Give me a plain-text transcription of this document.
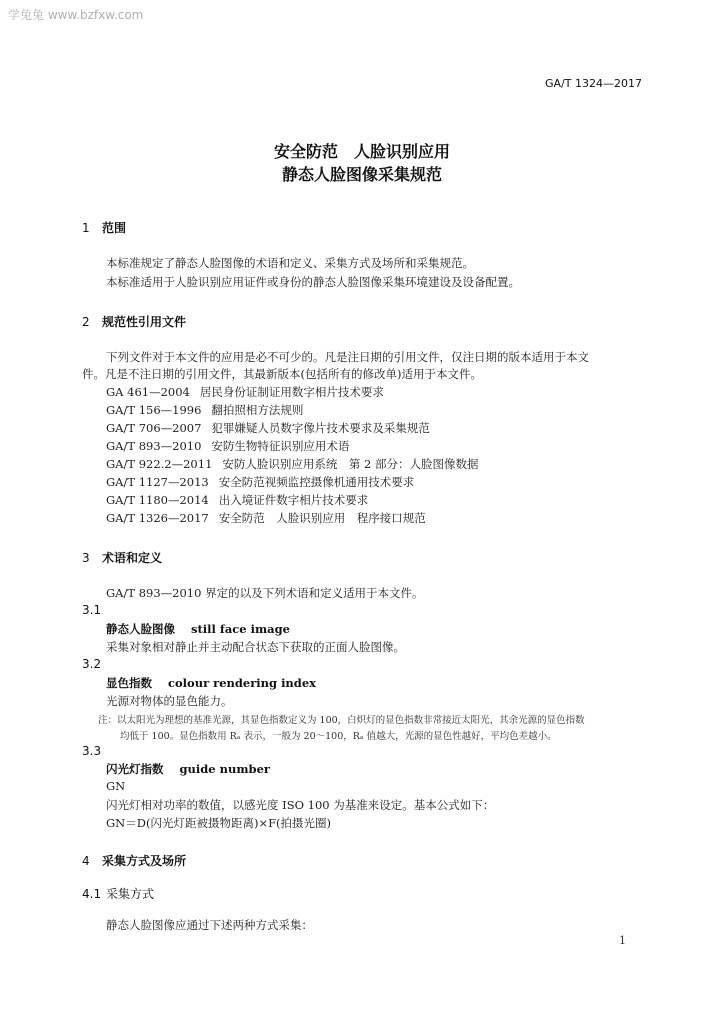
学兔兔 www.bzfxw.com
GA/T 1324—2017
安全防范　人脸识别应用
静态人脸图像采集规范
1 范围
本标准规定了静态人脸图像的术语和定义、采集方式及场所和采集规范。
本标准适用于人脸识别应用证件或身份的静态人脸图像采集环境建设及设备配置。
2 规范性引用文件
下列文件对于本文件的应用是必不可少的。凡是注日期的引用文件，仅注日期的版本适用于本文
件。凡是不注日期的引用文件，其最新版本(包括所有的修改单)适用于本文件。
GA 461—2004 居民身份证制证用数字相片技术要求
GA/T 156—1996 翻拍照相方法规则
GA/T 706—2007 犯罪嫌疑人员数字像片技术要求及采集规范
GA/T 893—2010 安防生物特征识别应用术语
GA/T 922.2—2011 安防人脸识别应用系统　第 2 部分：人脸图像数据
GA/T 1127—2013 安全防范视频监控摄像机通用技术要求
GA/T 1180—2014 出入境证件数字相片技术要求
GA/T 1326—2017 安全防范　人脸识别应用　程序接口规范
3 术语和定义
GA/T 893—2010 界定的以及下列术语和定义适用于本文件。
3.1
静态人脸图像 still face image
采集对象相对静止并主动配合状态下获取的正面人脸图像。
3.2
显色指数 colour rendering index
光源对物体的显色能力。
注：以太阳光为理想的基准光源，其显色指数定义为 100，白炽灯的显色指数非常接近太阳光，其余光源的显色指数
均低于 100。显色指数用 Rₐ 表示，一般为 20～100，Rₐ 值越大，光源的显色性越好，平均色差越小。
3.3
闪光灯指数 guide number
GN
闪光灯相对功率的数值，以感光度 ISO 100 为基准来设定。基本公式如下：
GN＝D(闪光灯距被摄物距离)×F(拍摄光圈)
4 采集方式及场所
4.1 采集方式
静态人脸图像应通过下述两种方式采集：
1
